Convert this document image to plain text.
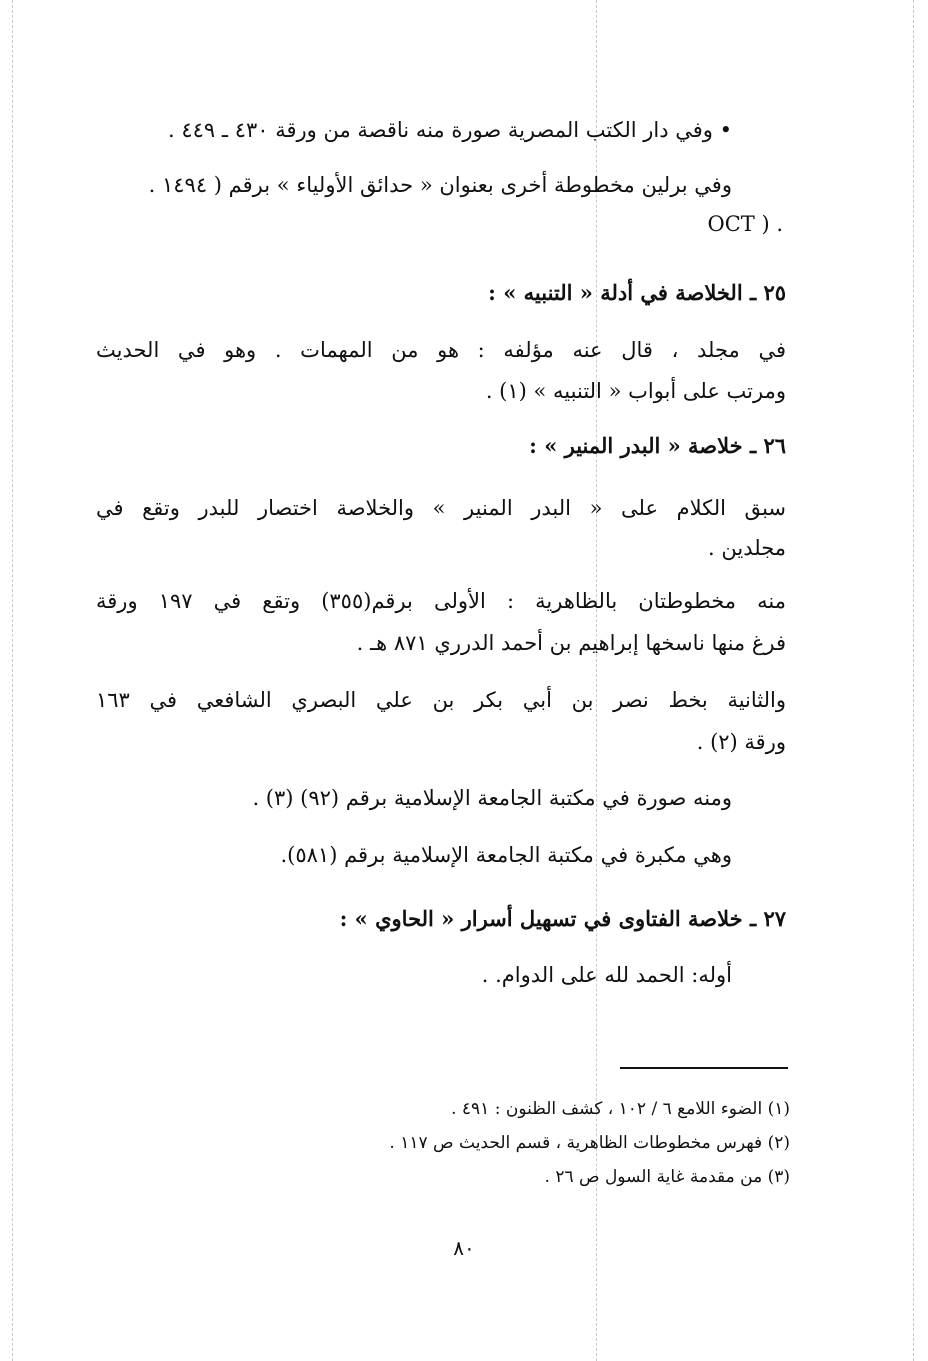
• وفي دار الكتب المصرية صورة منه ناقصة من ورقة ٤٣٠ ـ ٤٤٩ .
وفي برلين مخطوطة أخرى بعنوان « حدائق الأولياء » برقم ( ١٤٩٤ .
. ( OCT
٢٥ ـ الخلاصة في أدلة « التنبيه » :
في مجلد ، قال عنه مؤلفه : هو من المهمات . وهو في الحديث
ومرتب على أبواب « التنبيه » (١) .
٢٦ ـ خلاصة « البدر المنير » :
سبق الكلام على « البدر المنير » والخلاصة اختصار للبدر وتقع في
مجلدين .
منه مخطوطتان بالظاهرية : الأولى برقم(٣٥٥) وتقع في ١٩٧ ورقة
فرغ منها ناسخها إبراهيم بن أحمد الدرري ٨٧١ هـ .
والثانية بخط نصر بن أبي بكر بن علي البصري الشافعي في ١٦٣
ورقة (٢) .
ومنه صورة في مكتبة الجامعة الإسلامية برقم (٩٢) (٣) .
وهي مكبرة في مكتبة الجامعة الإسلامية برقم (٥٨١).
٢٧ ـ خلاصة الفتاوى في تسهيل أسرار « الحاوي » :
أوله: الحمد لله على الدوام. .
(١) الضوء اللامع ٦ / ١٠٢ ، كشف الظنون : ٤٩١ .
(٢) فهرس مخطوطات الظاهرية ، قسم الحديث ص ١١٧ .
(٣) من مقدمة غاية السول ص ٢٦ .
٨٠
